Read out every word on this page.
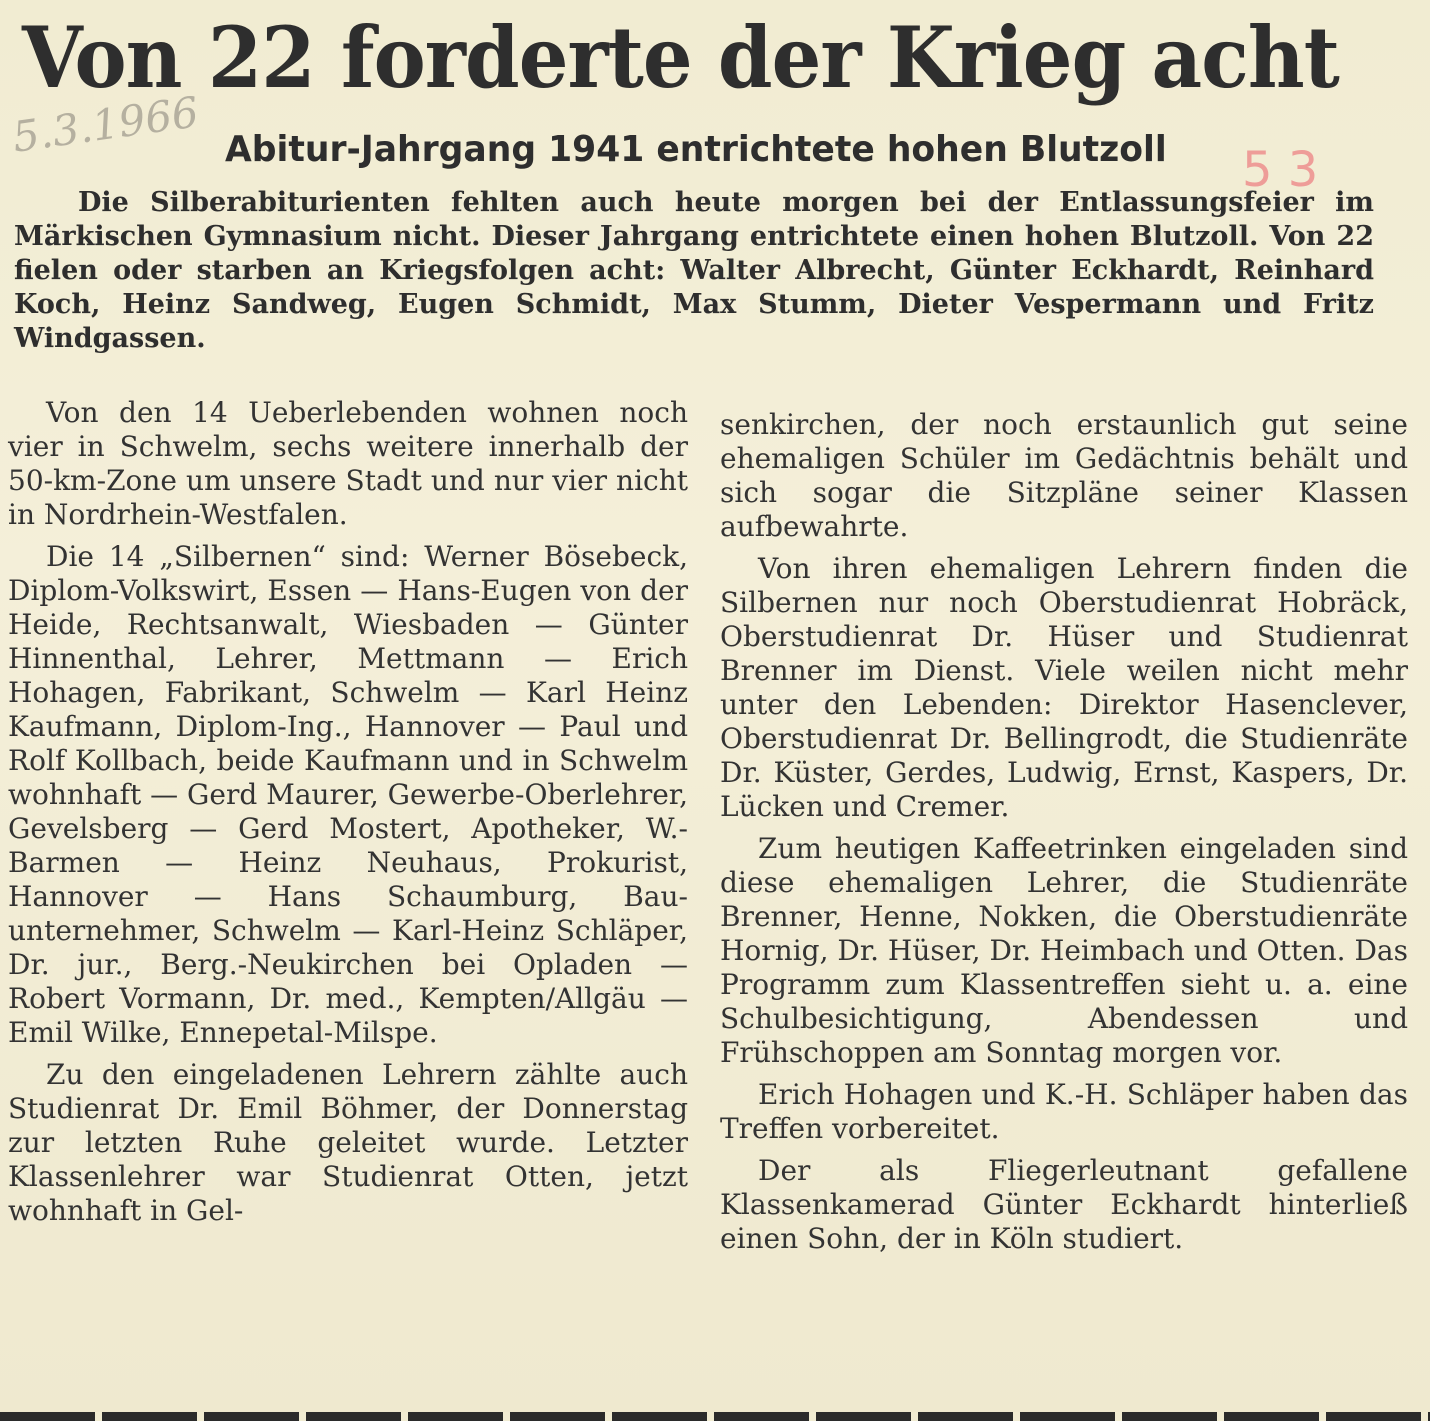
Von 22 forderte der Krieg acht
5.3.1966 Abitur-Jahrgang 1941 entrichtete hohen Blutzoll 5 3
Die Silberabiturienten fehlten auch heute morgen bei der Entlassungsfeier im Märkischen Gymnasium nicht. Dieser Jahrgang entrichtete einen hohen Blutzoll. Von 22 fielen oder starben an Kriegsfolgen acht: Walter Albrecht, Günter Eckhardt, Reinhard Koch, Heinz Sandweg, Eugen Schmidt, Max Stumm, Dieter Vespermann und Fritz Windgassen.

Von den 14 Ueberlebenden wohnen noch vier in Schwelm, sechs weitere innerhalb der 50-km-Zone um unsere Stadt und nur vier nicht in Nordrhein-Westfalen.

Die 14 „Silbernen“ sind: Werner Bösebeck, Diplom-Volkswirt, Essen — Hans-Eugen von der Heide, Rechtsanwalt, Wiesbaden — Günter Hinnenthal, Lehrer, Mettmann — Erich Hohagen, Fabrikant, Schwelm — Karl Heinz Kaufmann, Diplom-Ing., Hannover — Paul und Rolf Kollbach, beide Kaufmann und in Schwelm wohnhaft — Gerd Maurer, Gewerbe-Oberlehrer, Gevelsberg — Gerd Mostert, Apotheker, W.-Barmen — Heinz Neuhaus, Prokurist, Hannover — Hans Schaumburg, Bauunternehmer, Schwelm — Karl-Heinz Schläper, Dr. jur., Berg.-Neukirchen bei Opladen — Robert Vormann, Dr. med., Kempten/Allgäu — Emil Wilke, Ennepetal-Milspe.

Zu den eingeladenen Lehrern zählte auch Studienrat Dr. Emil Böhmer, der Donnerstag zur letzten Ruhe geleitet wurde. Letzter Klassenlehrer war Studienrat Otten, jetzt wohnhaft in Gel-

senkirchen, der noch erstaunlich gut seine ehemaligen Schüler im Gedächtnis behält und sich sogar die Sitzpläne seiner Klassen aufbewahrte.

Von ihren ehemaligen Lehrern finden die Silbernen nur noch Oberstudienrat Hobräck, Oberstudienrat Dr. Hüser und Studienrat Brenner im Dienst. Viele weilen nicht mehr unter den Lebenden: Direktor Hasenclever, Oberstudienrat Dr. Bellingrodt, die Studienräte Dr. Küster, Gerdes, Ludwig, Ernst, Kaspers, Dr. Lücken und Cremer.

Zum heutigen Kaffeetrinken eingeladen sind diese ehemaligen Lehrer, die Studienräte Brenner, Henne, Nokken, die Oberstudienräte Hornig, Dr. Hüser, Dr. Heimbach und Otten. Das Programm zum Klassentreffen sieht u. a. eine Schulbesichtigung, Abendessen und Frühschoppen am Sonntag morgen vor.

Erich Hohagen und K.-H. Schläper haben das Treffen vorbereitet.

Der als Fliegerleutnant gefallene Klassenkamerad Günter Eckhardt hinterließ einen Sohn, der in Köln studiert.
